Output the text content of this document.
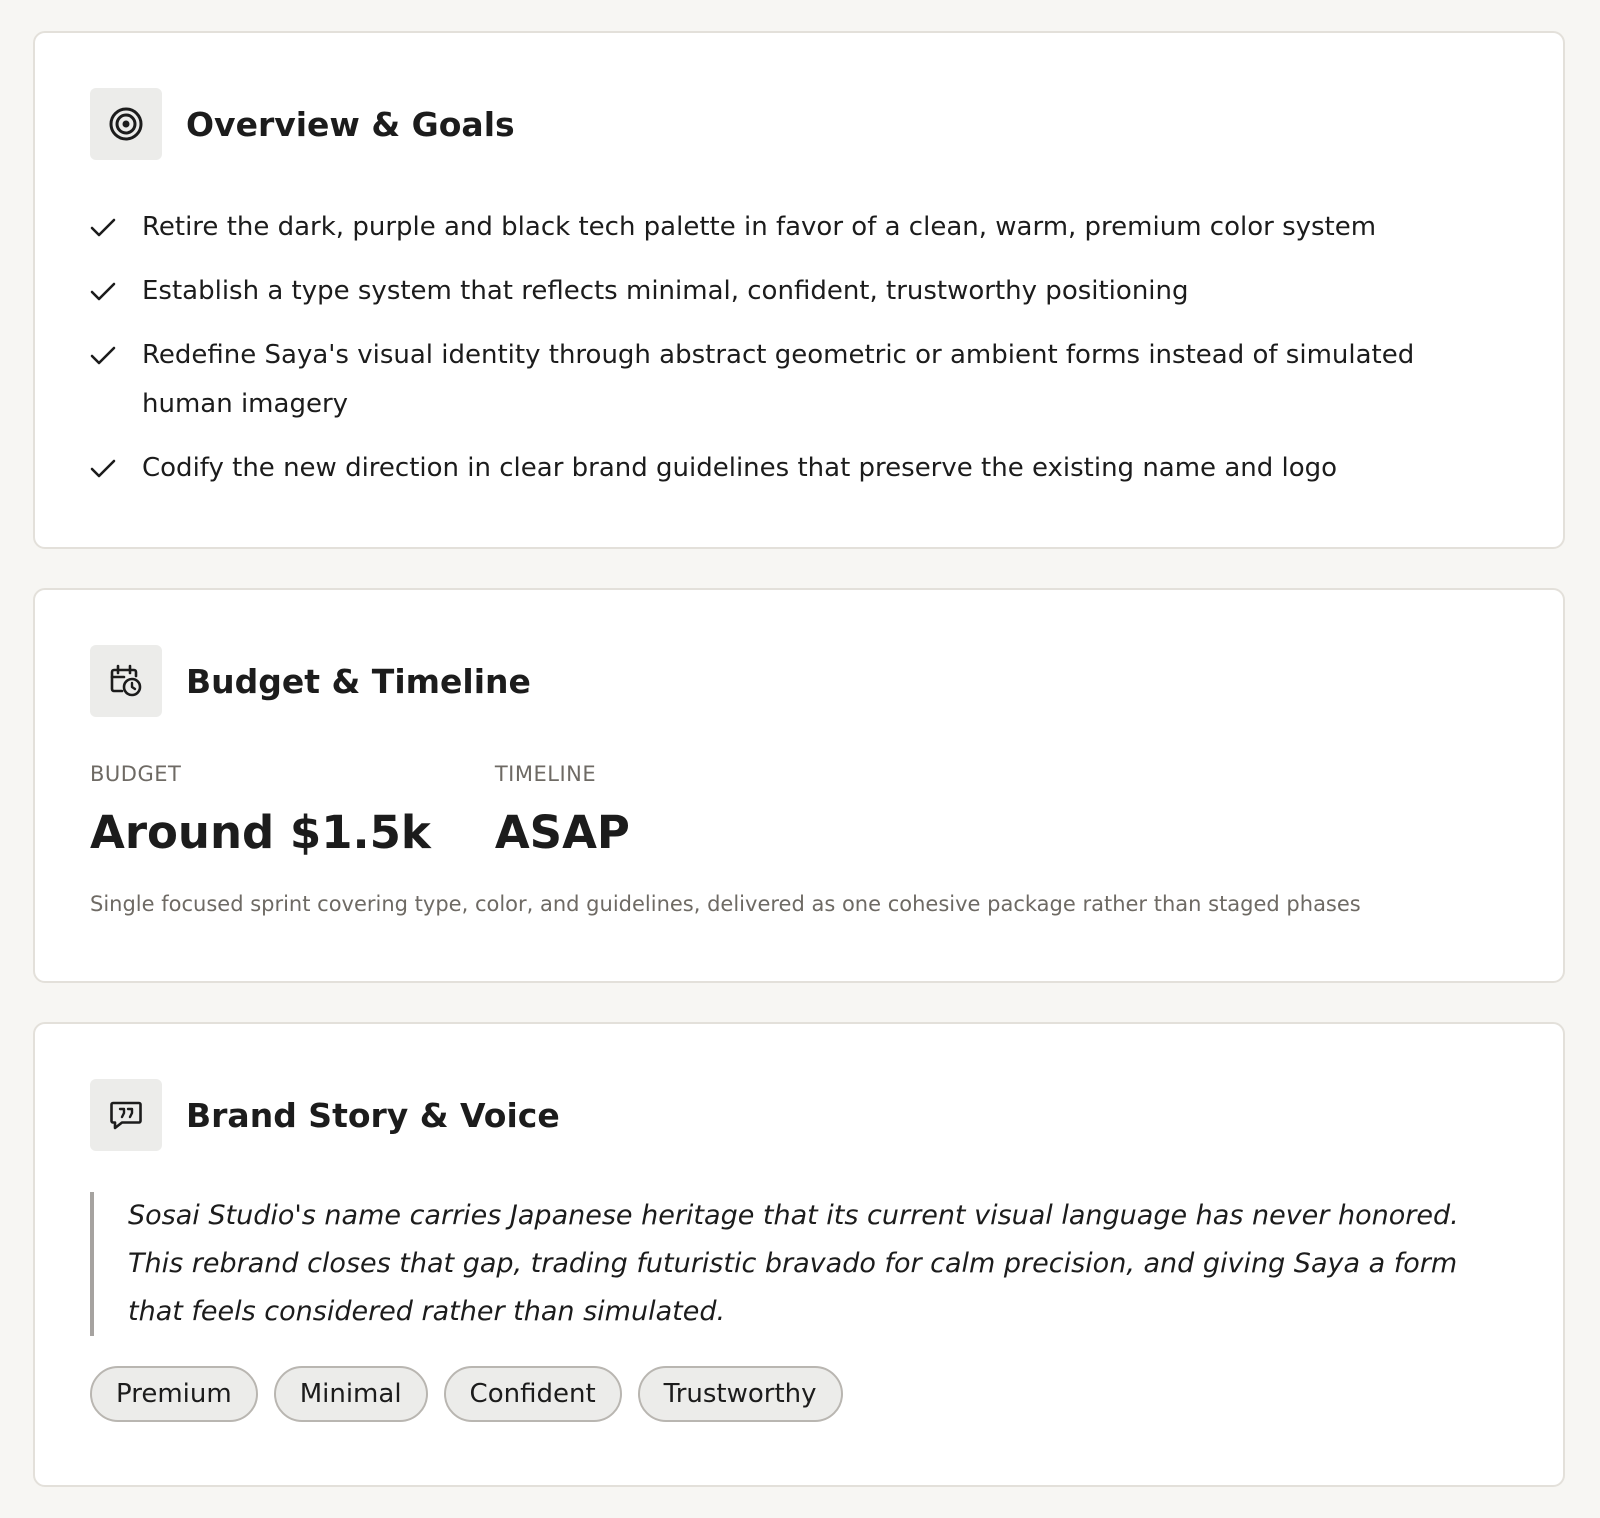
Overview & Goals
Retire the dark, purple and black tech palette in favor of a clean, warm, premium color system
Establish a type system that reflects minimal, confident, trustworthy positioning
Redefine Saya's visual identity through abstract geometric or ambient forms instead of simulated human imagery
Codify the new direction in clear brand guidelines that preserve the existing name and logo
Budget & Timeline
BUDGET
Around $1.5k
TIMELINE
ASAP
Single focused sprint covering type, color, and guidelines, delivered as one cohesive package rather than staged phases
Brand Story & Voice
Sosai Studio's name carries Japanese heritage that its current visual language has never honored. This rebrand closes that gap, trading futuristic bravado for calm precision, and giving Saya a form that feels considered rather than simulated.
Premium	Minimal	Confident	Trustworthy
